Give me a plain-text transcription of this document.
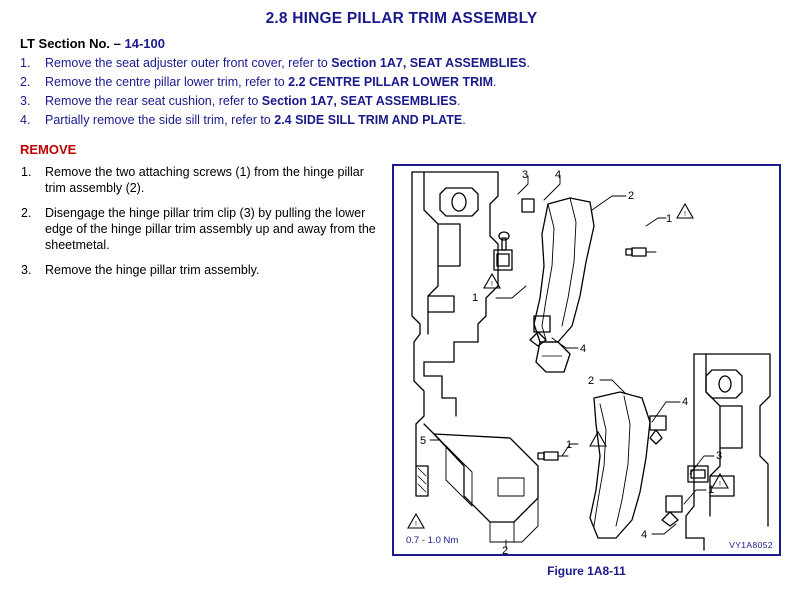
2.8 HINGE PILLAR TRIM ASSEMBLY
LT Section No. – 14-100
1. Remove the seat adjuster outer front cover, refer to Section 1A7, SEAT ASSEMBLIES.
2. Remove the centre pillar lower trim, refer to 2.2 CENTRE PILLAR LOWER TRIM.
3. Remove the rear seat cushion, refer to Section 1A7, SEAT ASSEMBLIES.
4. Partially remove the side sill trim, refer to 2.4 SIDE SILL TRIM AND PLATE.
REMOVE
1. Remove the two attaching screws (1) from the hinge pillar trim assembly (2).
2. Disengage the hinge pillar trim clip (3) by pulling the lower edge of the hinge pillar trim assembly up and away from the sheetmetal.
3. Remove the hinge pillar trim assembly.
!
!
!
!
!
3 4
2
1
1
4
4
3
2
1
1
5
4
2
0.7 - 1.0 Nm	VY1A8052
Figure 1A8-11
